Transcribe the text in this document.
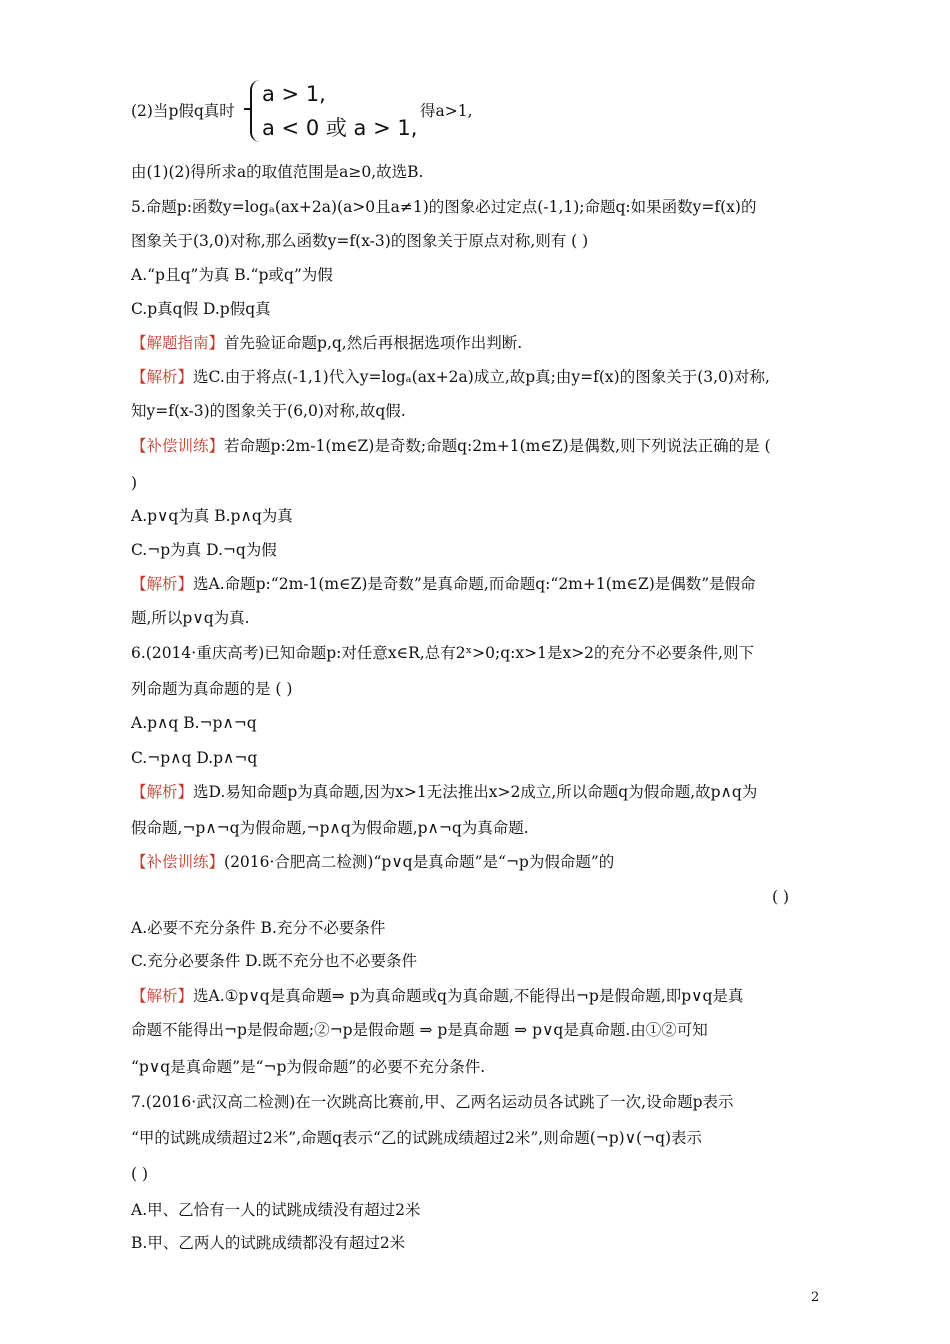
(2)当p假q真时
a > 1,
a < 0 或 a > 1,
得a>1,
由(1)(2)得所求a的取值范围是a≥0,故选B.
5.命题p:函数y=logₐ(ax+2a)(a>0且a≠1)的图象必过定点(-1,1);命题q:如果函数y=f(x)的
图象关于(3,0)对称,那么函数y=f(x-3)的图象关于原点对称,则有 ( )
A.“p且q”为真 B.“p或q”为假
C.p真q假 D.p假q真
【解题指南】首先验证命题p,q,然后再根据选项作出判断.
【解析】选C.由于将点(-1,1)代入y=logₐ(ax+2a)成立,故p真;由y=f(x)的图象关于(3,0)对称,
知y=f(x-3)的图象关于(6,0)对称,故q假.
【补偿训练】若命题p:2m-1(m∈Z)是奇数;命题q:2m+1(m∈Z)是偶数,则下列说法正确的是 (
)
A.p∨q为真 B.p∧q为真
C.¬p为真 D.¬q为假
【解析】选A.命题p:“2m-1(m∈Z)是奇数”是真命题,而命题q:“2m+1(m∈Z)是偶数”是假命
题,所以p∨q为真.
6.(2014·重庆高考)已知命题p:对任意x∈R,总有2ˣ>0;q:x>1是x>2的充分不必要条件,则下
列命题为真命题的是 ( )
A.p∧q B.¬p∧¬q
C.¬p∧q D.p∧¬q
【解析】选D.易知命题p为真命题,因为x>1无法推出x>2成立,所以命题q为假命题,故p∧q为
假命题,¬p∧¬q为假命题,¬p∧q为假命题,p∧¬q为真命题.
【补偿训练】(2016·合肥高二检测)“p∨q是真命题”是“¬p为假命题”的
( )
A.必要不充分条件 B.充分不必要条件
C.充分必要条件 D.既不充分也不必要条件
【解析】选A.①p∨q是真命题⇒ p为真命题或q为真命题,不能得出¬p是假命题,即p∨q是真
命题不能得出¬p是假命题;②¬p是假命题 ⇒ p是真命题 ⇒ p∨q是真命题.由①②可知
“p∨q是真命题”是“¬p为假命题”的必要不充分条件.
7.(2016·武汉高二检测)在一次跳高比赛前,甲、乙两名运动员各试跳了一次,设命题p表示
“甲的试跳成绩超过2米”,命题q表示“乙的试跳成绩超过2米”,则命题(¬p)∨(¬q)表示
( )
A.甲、乙恰有一人的试跳成绩没有超过2米
B.甲、乙两人的试跳成绩都没有超过2米
2
